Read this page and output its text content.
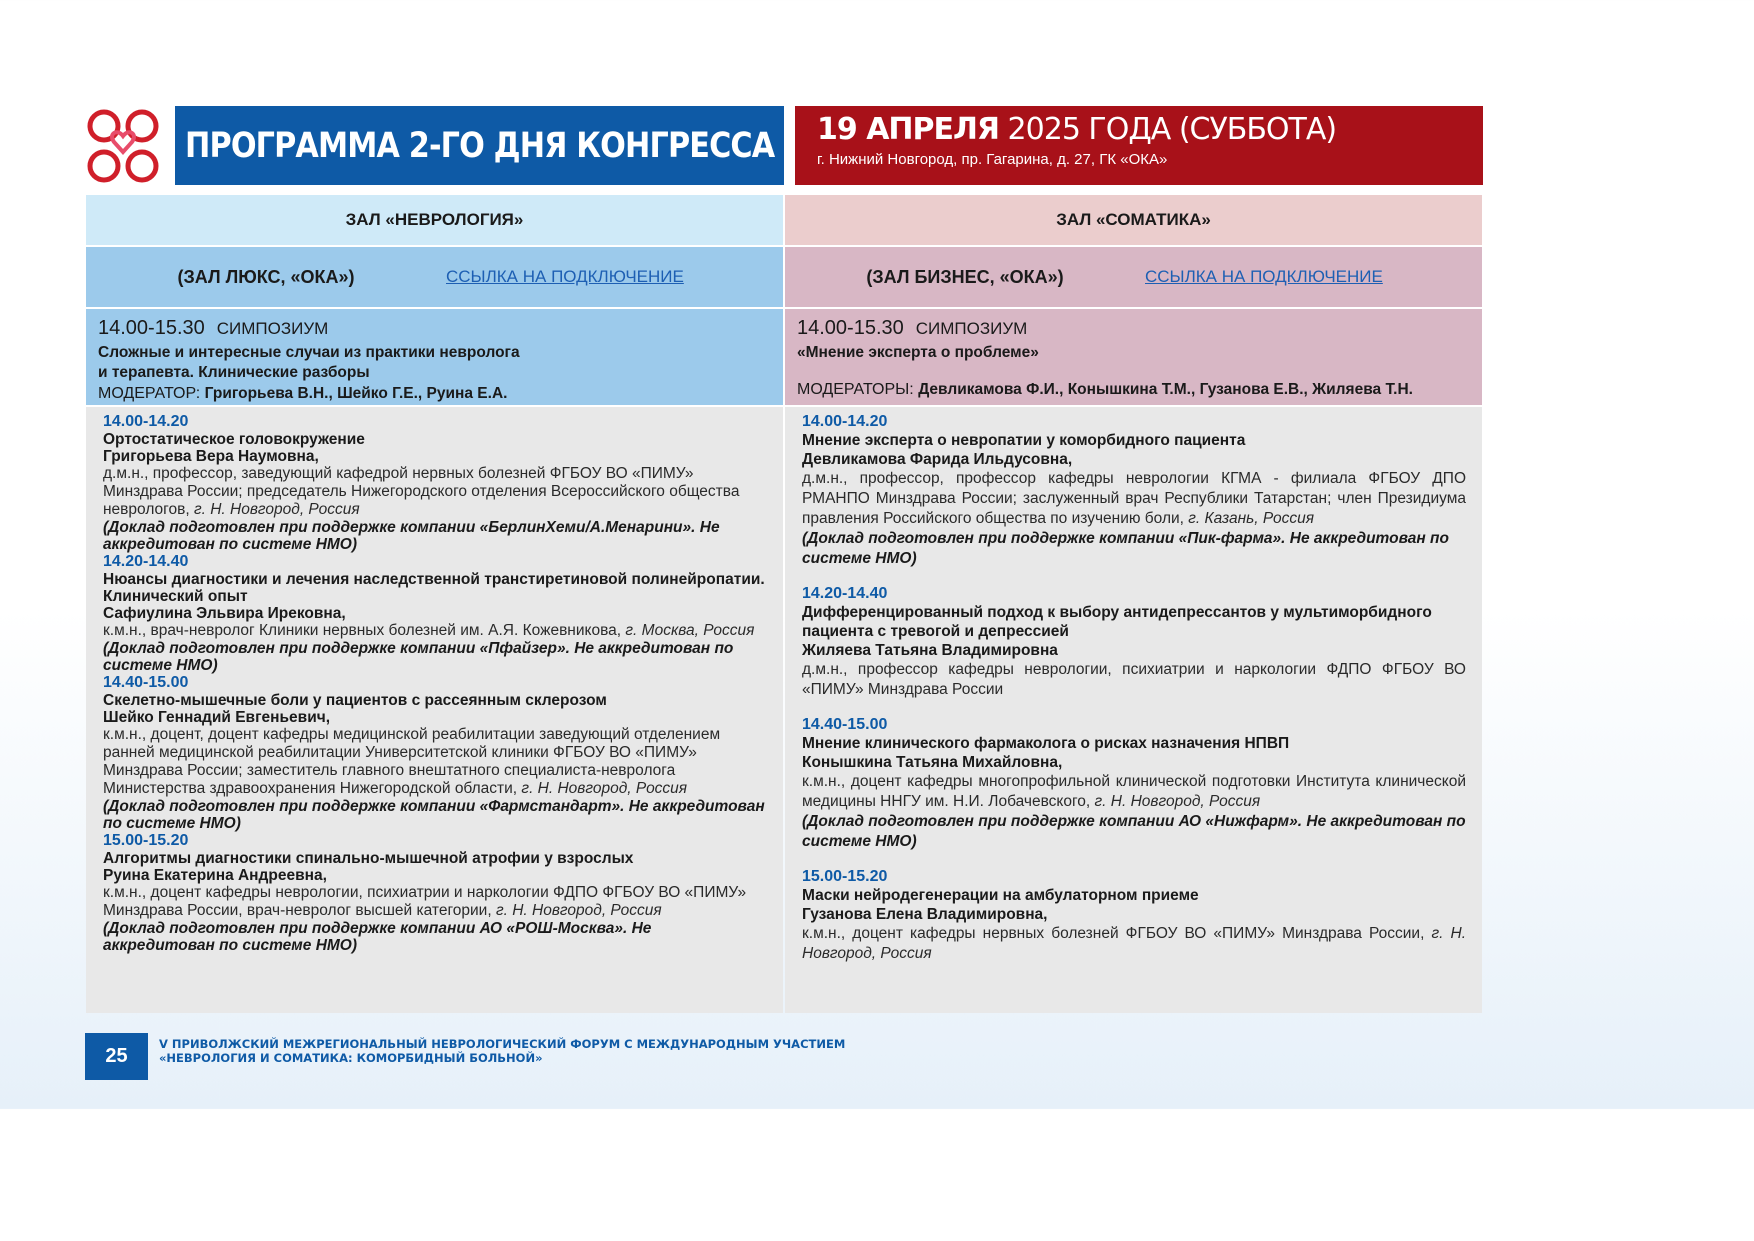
ПРОГРАММА 2-ГО ДНЯ КОНГРЕССА 19 АПРЕЛЯ 2025 ГОДА (СУББОТА)
г. Нижний Новгород, пр. Гагарина, д. 27, ГК «ОКА»
ЗАЛ «НЕВРОЛОГИЯ»
(ЗАЛ ЛЮКС, «ОКА»)	ССЫЛКА НА ПОДКЛЮЧЕНИЕ
14.00-15.30 СИМПОЗИУМ
Сложные и интересные случаи из практики невролога
и терапевта. Клинические разборы
МОДЕРАТОР: Григорьева В.Н., Шейко Г.Е., Руина Е.А.
14.00-14.20
Ортостатическое головокружение
Григорьева Вера Наумовна,
д.м.н., профессор, заведующий кафедрой нервных болезней ФГБОУ ВО «ПИМУ» Минздрава России; председатель Нижегородского отделения Всероссийского общества неврологов, г. Н. Новгород, Россия
(Доклад подготовлен при поддержке компании «БерлинХеми/А.Менарини». Не аккредитован по системе НМО)
14.20-14.40
Нюансы диагностики и лечения наследственной транстиретиновой полинейропатии. Клинический опыт
Сафиулина Эльвира Ирековна,
к.м.н., врач-невролог Клиники нервных болезней им. А.Я. Кожевникова, г. Москва, Россия
(Доклад подготовлен при поддержке компании «Пфайзер». Не аккредитован по системе НМО)
14.40-15.00
Скелетно-мышечные боли у пациентов с рассеянным склерозом
Шейко Геннадий Евгеньевич,
к.м.н., доцент, доцент кафедры медицинской реабилитации заведующий отделением ранней медицинской реабилитации Университетской клиники ФГБОУ ВО «ПИМУ» Минздрава России; заместитель главного внештатного специалиста-невролога Министерства здравоохранения Нижегородской области, г. Н. Новгород, Россия
(Доклад подготовлен при поддержке компании «Фармстандарт». Не аккредитован по системе НМО)
15.00-15.20
Алгоритмы диагностики спинально-мышечной атрофии у взрослых
Руина Екатерина Андреевна,
к.м.н., доцент кафедры неврологии, психиатрии и наркологии ФДПО ФГБОУ ВО «ПИМУ» Минздрава России, врач-невролог высшей категории, г. Н. Новгород, Россия
(Доклад подготовлен при поддержке компании АО «РОШ-Москва». Не аккредитован по системе НМО)
ЗАЛ «СОМАТИКА»
(ЗАЛ БИЗНЕС, «ОКА»)	ССЫЛКА НА ПОДКЛЮЧЕНИЕ
14.00-15.30 СИМПОЗИУМ
«Мнение эксперта о проблеме»
МОДЕРАТОРЫ: Девликамова Ф.И., Конышкина Т.М., Гузанова Е.В., Жиляева Т.Н.
14.00-14.20
Мнение эксперта о невропатии у коморбидного пациента
Девликамова Фарида Ильдусовна,
д.м.н., профессор, профессор кафедры неврологии КГМА - филиала ФГБОУ ДПО РМАНПО Минздрава России; заслуженный врач Республики Татарстан; член Президиума правления Российского общества по изучению боли, г. Казань, Россия
(Доклад подготовлен при поддержке компании «Пик-фарма». Не аккредитован по системе НМО)
14.20-14.40
Дифференцированный подход к выбору антидепрессантов у мультиморбидного пациента с тревогой и депрессией
Жиляева Татьяна Владимировна
д.м.н., профессор кафедры неврологии, психиатрии и наркологии ФДПО ФГБОУ ВО «ПИМУ» Минздрава России
14.40-15.00
Мнение клинического фармаколога о рисках назначения НПВП
Конышкина Татьяна Михайловна,
к.м.н., доцент кафедры многопрофильной клинической подготовки Института клинической медицины ННГУ им. Н.И. Лобачевского, г. Н. Новгород, Россия
(Доклад подготовлен при поддержке компании АО «Нижфарм». Не аккредитован по системе НМО)
15.00-15.20
Маски нейродегенерации на амбулаторном приеме
Гузанова Елена Владимировна,
к.м.н., доцент кафедры нервных болезней ФГБОУ ВО «ПИМУ» Минздрава России, г. Н. Новгород, Россия
25
V ПРИВОЛЖСКИЙ МЕЖРЕГИОНАЛЬНЫЙ НЕВРОЛОГИЧЕСКИЙ ФОРУМ С МЕЖДУНАРОДНЫМ УЧАСТИЕМ
«НЕВРОЛОГИЯ И СОМАТИКА: КОМОРБИДНЫЙ БОЛЬНОЙ»
